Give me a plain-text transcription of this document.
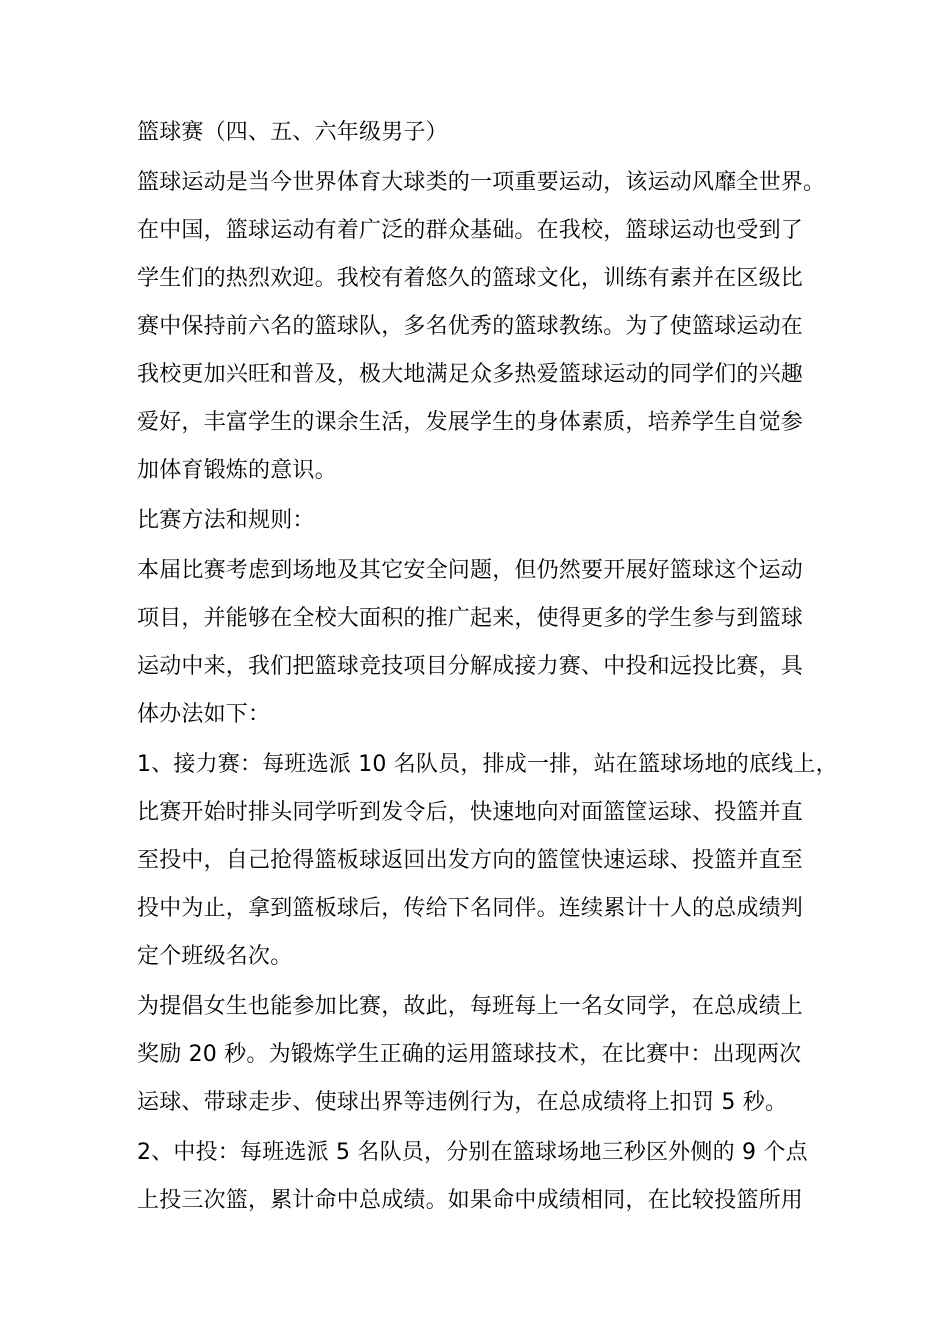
篮球赛（四、五、六年级男子）
篮球运动是当今世界体育大球类的一项重要运动，该运动风靡全世界。
在中国，篮球运动有着广泛的群众基础。在我校，篮球运动也受到了
学生们的热烈欢迎。我校有着悠久的篮球文化，训练有素并在区级比
赛中保持前六名的篮球队，多名优秀的篮球教练。为了使篮球运动在
我校更加兴旺和普及，极大地满足众多热爱篮球运动的同学们的兴趣
爱好，丰富学生的课余生活，发展学生的身体素质，培养学生自觉参
加体育锻炼的意识。
比赛方法和规则：
本届比赛考虑到场地及其它安全问题，但仍然要开展好篮球这个运动
项目，并能够在全校大面积的推广起来，使得更多的学生参与到篮球
运动中来，我们把篮球竞技项目分解成接力赛、中投和远投比赛，具
体办法如下：
1、接力赛：每班选派 10 名队员，排成一排，站在篮球场地的底线上，
比赛开始时排头同学听到发令后，快速地向对面篮筐运球、投篮并直
至投中，自己抢得篮板球返回出发方向的篮筐快速运球、投篮并直至
投中为止，拿到篮板球后，传给下名同伴。连续累计十人的总成绩判
定个班级名次。
为提倡女生也能参加比赛，故此，每班每上一名女同学，在总成绩上
奖励 20 秒。为锻炼学生正确的运用篮球技术，在比赛中：出现两次
运球、带球走步、使球出界等违例行为，在总成绩将上扣罚 5 秒。
2、中投：每班选派 5 名队员，分别在篮球场地三秒区外侧的 9 个点
上投三次篮，累计命中总成绩。如果命中成绩相同，在比较投篮所用
